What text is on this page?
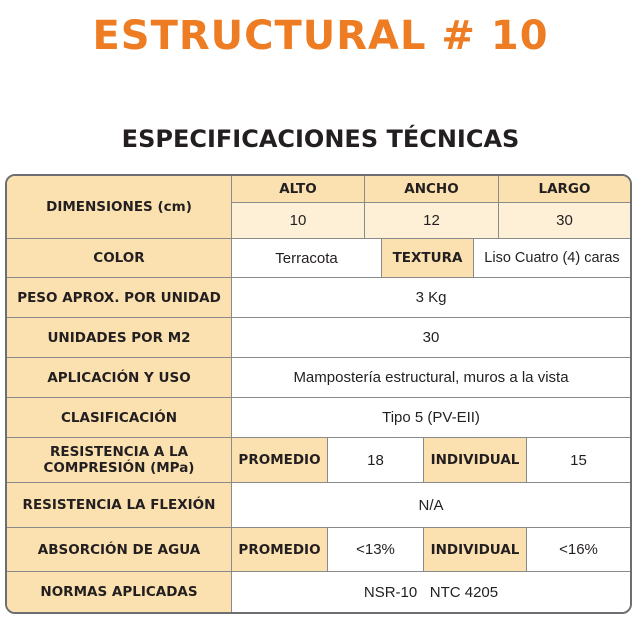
ESTRUCTURAL # 10
ESPECIFICACIONES TÉCNICAS
DIMENSIONES (cm)
ALTO	ANCHO	LARGO
10	12	30
COLOR	Terracota	TEXTURA	Liso Cuatro (4) caras
PESO APROX. POR UNIDAD	3 Kg
UNIDADES POR M2	30
APLICACIÓN Y USO	Mampostería estructural, muros a la vista
CLASIFICACIÓN	Tipo 5 (PV-EII)
RESISTENCIA A LA
COMPRESIÓN (MPa)	PROMEDIO	18	INDIVIDUAL	15
RESISTENCIA LA FLEXIÓN	N/A
ABSORCIÓN DE AGUA	PROMEDIO	<13%	INDIVIDUAL	<16%
NORMAS APLICADAS	NSR-10   NTC 4205
